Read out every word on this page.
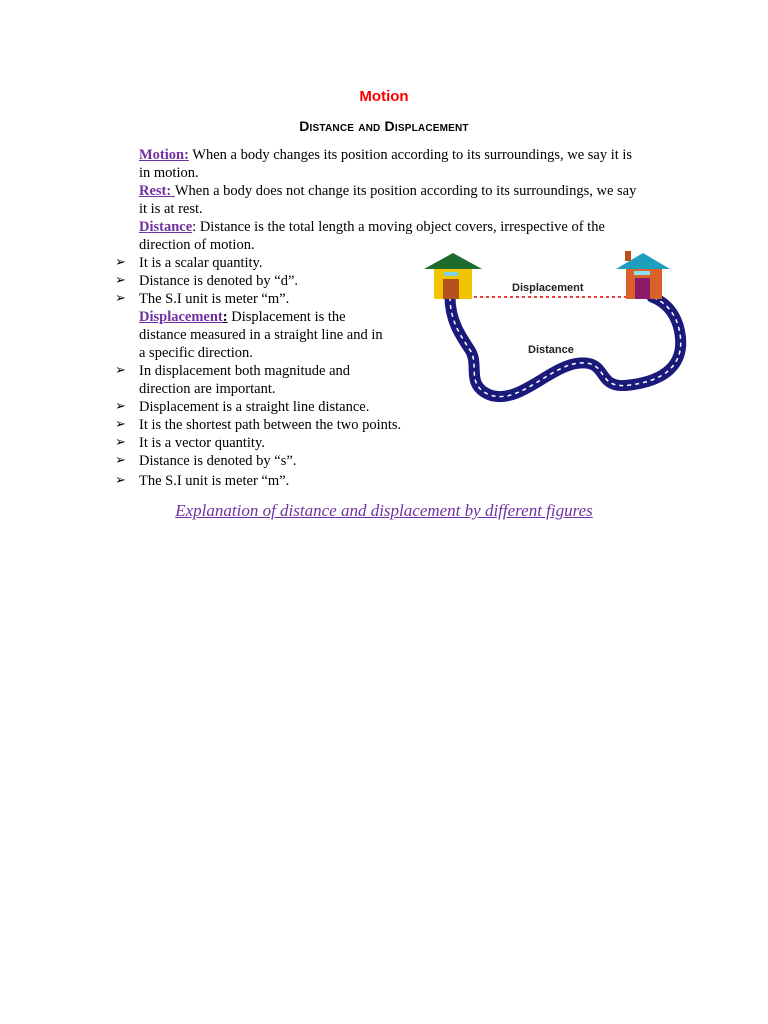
Motion
Distance and Displacement
Motion: When a body changes its position according to its surroundings, we say it is
in motion.
Rest: When a body does not change its position according to its surroundings, we say
it is at rest.
Distance: Distance is the total length a moving object covers, irrespective of the
direction of motion.
➢ It is a scalar quantity.
➢ Distance is denoted by “d”.
➢ The S.I unit is meter “m”.
Displacement: Displacement is the
distance measured in a straight line and in
a specific direction.
➢ In displacement both magnitude and
direction are important.
➢ Displacement is a straight line distance.
➢ It is the shortest path between the two points.
➢ It is a vector quantity.
➢ Distance is denoted by “s”.
➢ The S.I unit is meter “m”.
Displacement
Distance
Explanation of distance and displacement by different figures
